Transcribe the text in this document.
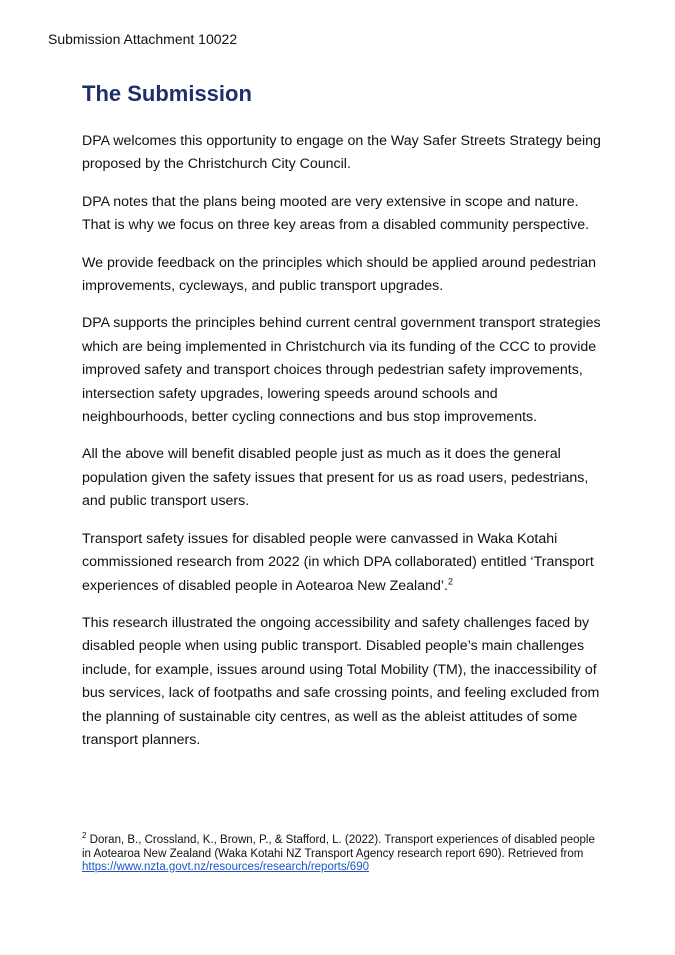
Submission Attachment 10022
The Submission

DPA welcomes this opportunity to engage on the Way Safer Streets Strategy being proposed by the Christchurch City Council.

DPA notes that the plans being mooted are very extensive in scope and nature. That is why we focus on three key areas from a disabled community perspective.

We provide feedback on the principles which should be applied around pedestrian improvements, cycleways, and public transport upgrades.

DPA supports the principles behind current central government transport strategies which are being implemented in Christchurch via its funding of the CCC to provide improved safety and transport choices through pedestrian safety improvements, intersection safety upgrades, lowering speeds around schools and neighbourhoods, better cycling connections and bus stop improvements.

All the above will benefit disabled people just as much as it does the general population given the safety issues that present for us as road users, pedestrians, and public transport users.

Transport safety issues for disabled people were canvassed in Waka Kotahi commissioned research from 2022 (in which DPA collaborated) entitled ‘Transport experiences of disabled people in Aotearoa New Zealand’.$^2$

This research illustrated the ongoing accessibility and safety challenges faced by disabled people when using public transport. Disabled people’s main challenges include, for example, issues around using Total Mobility (TM), the inaccessibility of bus services, lack of footpaths and safe crossing points, and feeling excluded from the planning of sustainable city centres, as well as the ableist attitudes of some transport planners.

$^2$ Doran, B., Crossland, K., Brown, P., & Stafford, L. (2022). Transport experiences of disabled people in Aotearoa New Zealand (Waka Kotahi NZ Transport Agency research report 690). Retrieved from https://www.nzta.govt.nz/resources/research/reports/690
